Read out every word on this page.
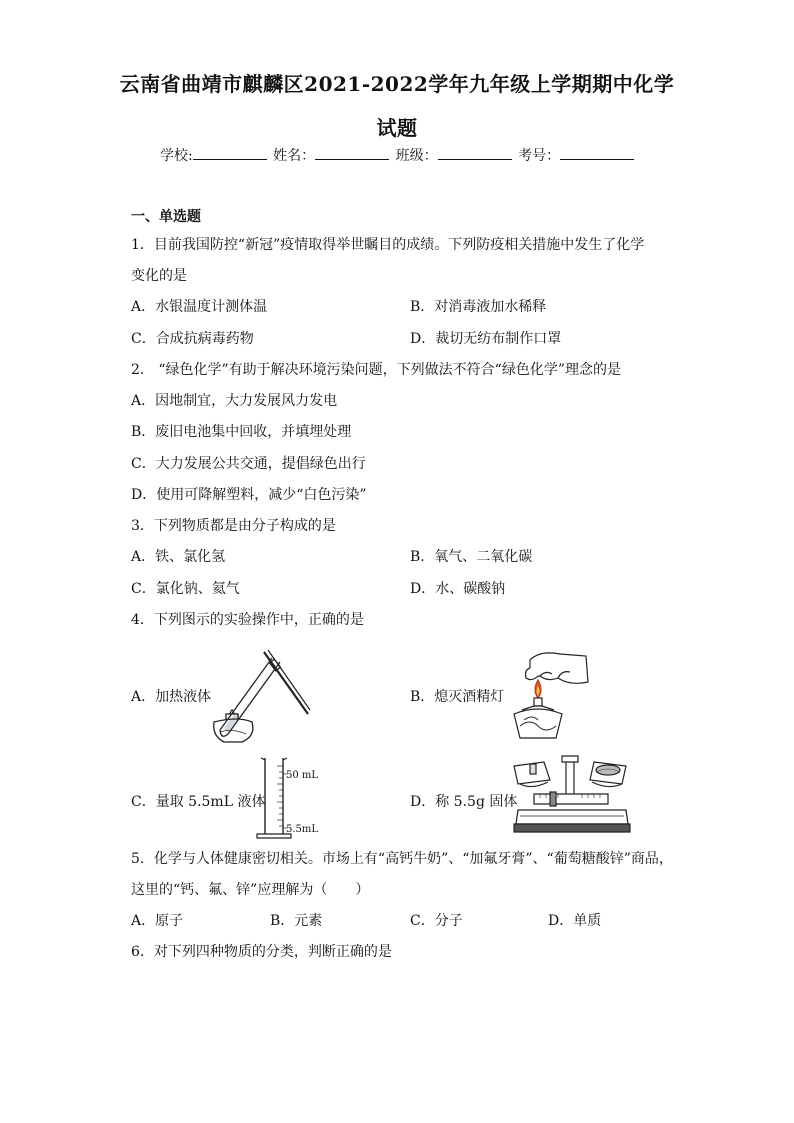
云南省曲靖市麒麟区2021-2022学年九年级上学期期中化学
试题
学校:	姓名：	班级：	考号：
一、单选题
1．目前我国防控“新冠”疫情取得举世瞩目的成绩。下列防疫相关措施中发生了化学
变化的是
A．水银温度计测体温	B．对消毒液加水稀释
C．合成抗病毒药物	D．裁切无纺布制作口罩
2． “绿色化学”有助于解决环境污染问题，下列做法不符合“绿色化学”理念的是
A．因地制宜，大力发展风力发电
B．废旧电池集中回收，并填埋处理
C．大力发展公共交通，提倡绿色出行
D．使用可降解塑料，减少“白色污染”
3．下列物质都是由分子构成的是
A．铁、氯化氢	B．氧气、二氧化碳
C．氯化钠、氦气	D．水、碳酸钠
4．下列图示的实验操作中，正确的是
A．加热液体	B．熄灭酒精灯
C．量取 5.5mL 液体
50 mL
5.5mL
D．称 5.5g 固体
5．化学与人体健康密切相关。市场上有“高钙牛奶”、“加氟牙膏”、“葡萄糖酸锌”商品，
这里的“钙、氟、锌”应理解为（　　）
A．原子	B．元素	C．分子	D．单质
6．对下列四种物质的分类，判断正确的是
